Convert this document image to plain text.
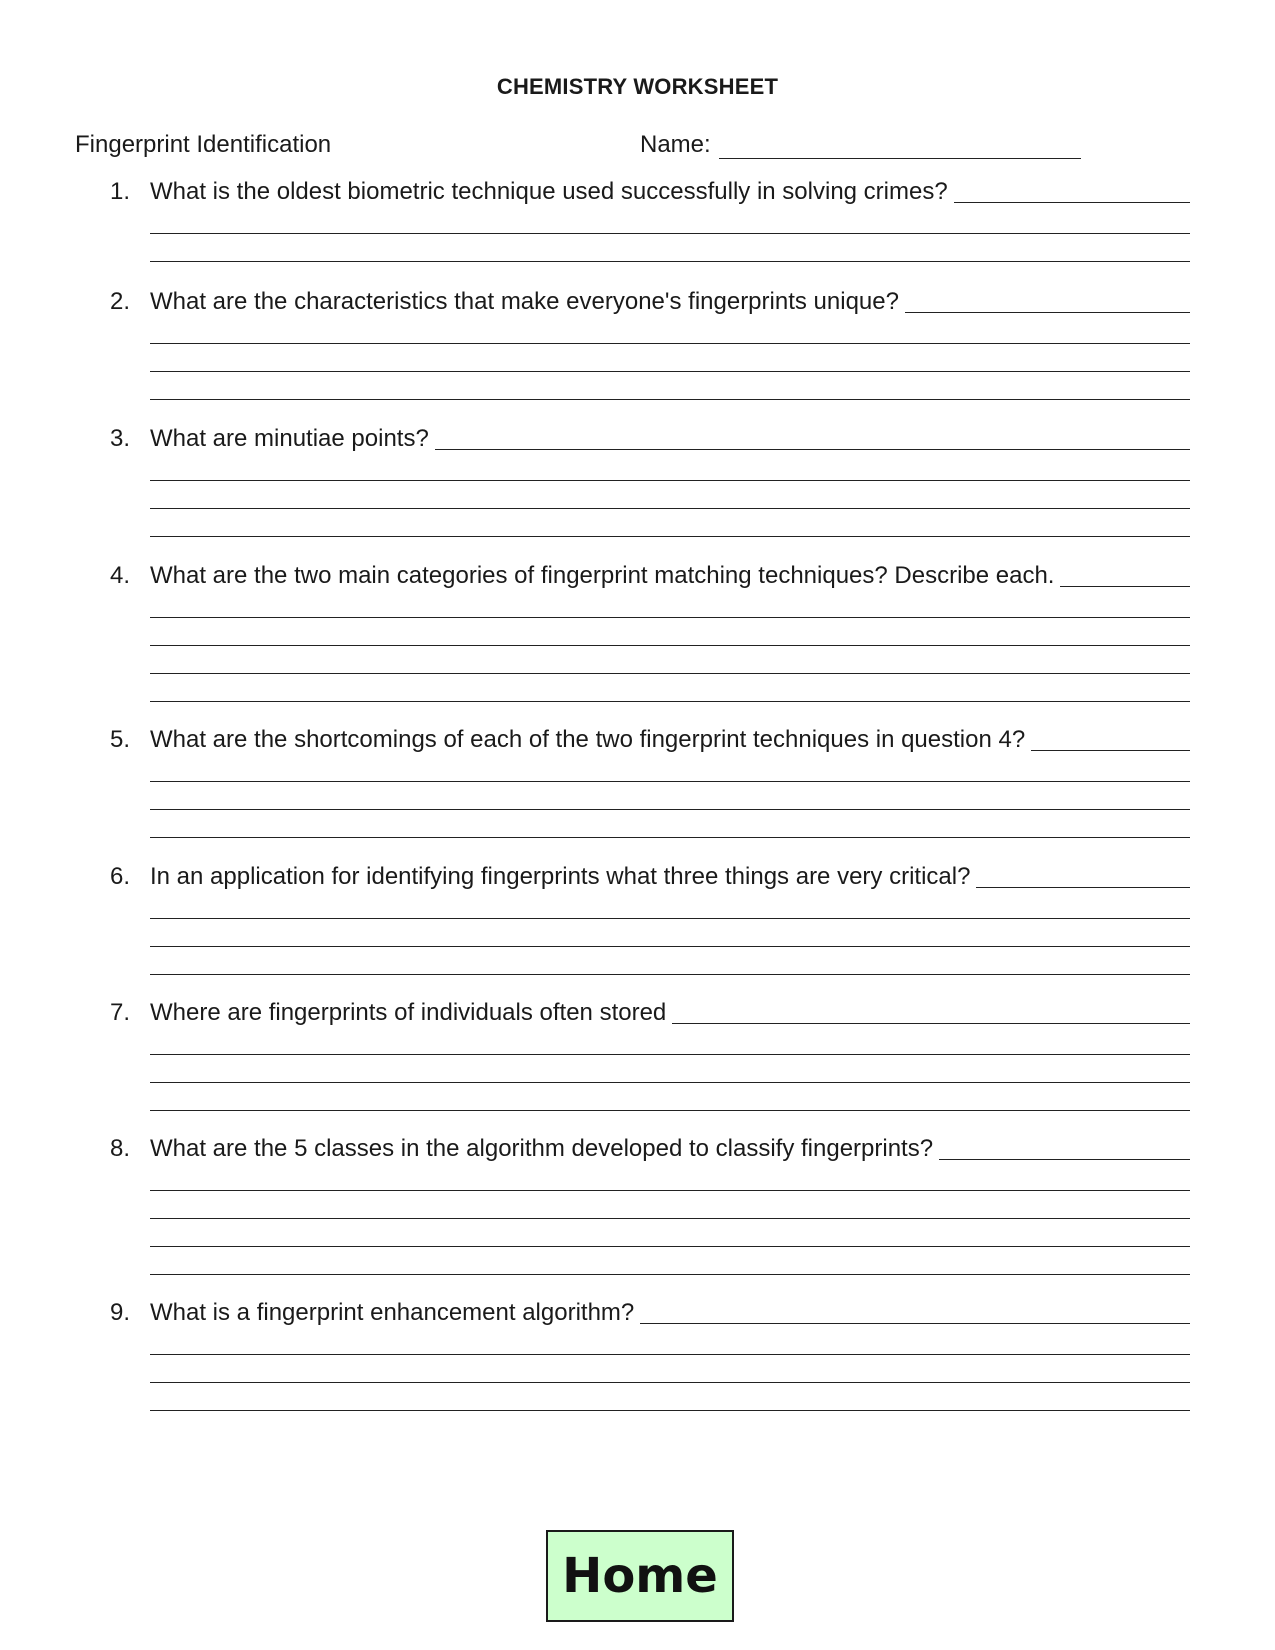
CHEMISTRY WORKSHEET
Fingerprint Identification	Name:
1. What is the oldest biometric technique used successfully in solving crimes?
2. What are the characteristics that make everyone's fingerprints unique?
3. What are minutiae points?
4. What are the two main categories of fingerprint matching techniques? Describe each.
5. What are the shortcomings of each of the two fingerprint techniques in question 4?
6. In an application for identifying fingerprints what three things are very critical?
7. Where are fingerprints of individuals often stored
8. What are the 5 classes in the algorithm developed to classify fingerprints?
9. What is a fingerprint enhancement algorithm?
Home
